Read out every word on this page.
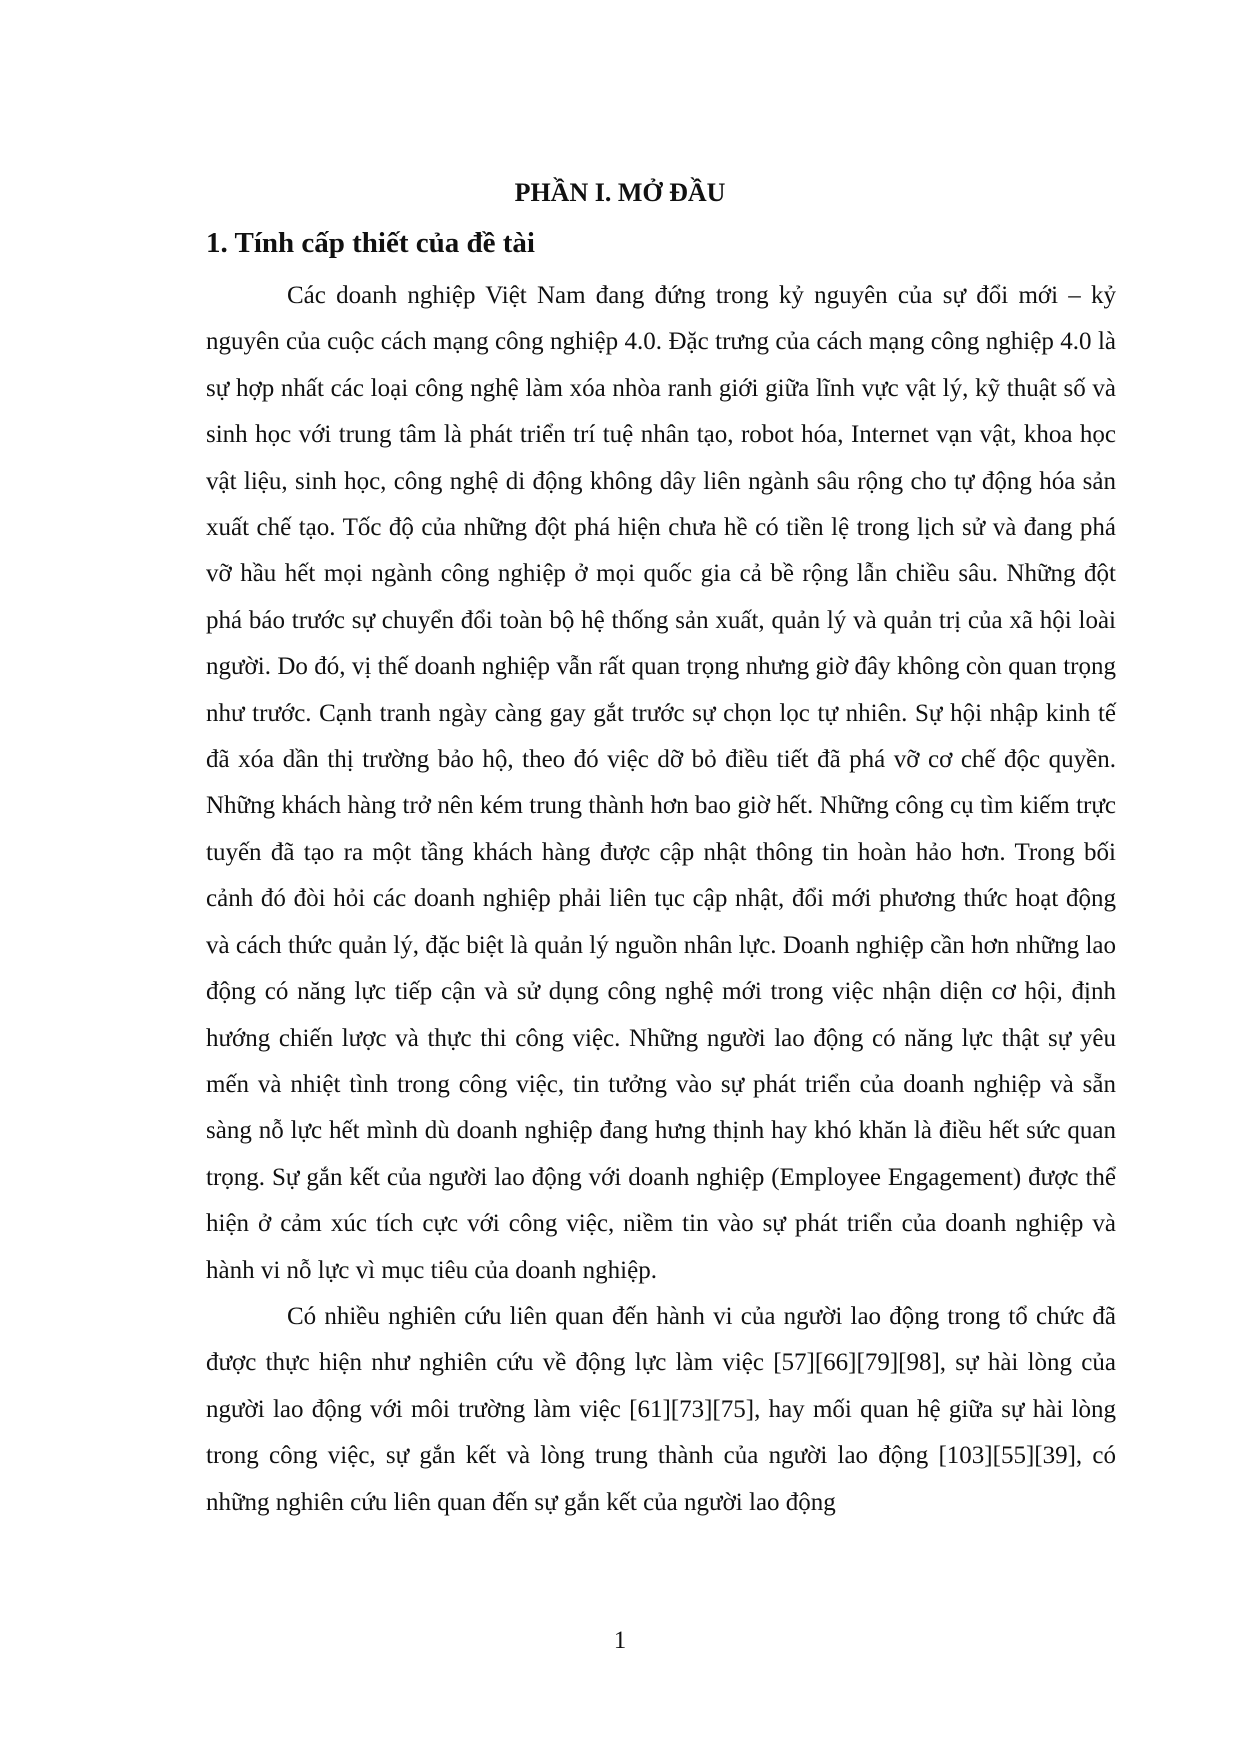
PHẦN I. MỞ ĐẦU
1. Tính cấp thiết của đề tài

Các doanh nghiệp Việt Nam đang đứng trong kỷ nguyên của sự đổi mới – kỷ nguyên của cuộc cách mạng công nghiệp 4.0. Đặc trưng của cách mạng công nghiệp 4.0 là sự hợp nhất các loại công nghệ làm xóa nhòa ranh giới giữa lĩnh vực vật lý, kỹ thuật số và sinh học với trung tâm là phát triển trí tuệ nhân tạo, robot hóa, Internet vạn vật, khoa học vật liệu, sinh học, công nghệ di động không dây liên ngành sâu rộng cho tự động hóa sản xuất chế tạo. Tốc độ của những đột phá hiện chưa hề có tiền lệ trong lịch sử và đang phá vỡ hầu hết mọi ngành công nghiệp ở mọi quốc gia cả bề rộng lẫn chiều sâu. Những đột phá báo trước sự chuyển đổi toàn bộ hệ thống sản xuất, quản lý và quản trị của xã hội loài người. Do đó, vị thế doanh nghiệp vẫn rất quan trọng nhưng giờ đây không còn quan trọng như trước. Cạnh tranh ngày càng gay gắt trước sự chọn lọc tự nhiên. Sự hội nhập kinh tế đã xóa dần thị trường bảo hộ, theo đó việc dỡ bỏ điều tiết đã phá vỡ cơ chế độc quyền. Những khách hàng trở nên kém trung thành hơn bao giờ hết. Những công cụ tìm kiếm trực tuyến đã tạo ra một tầng khách hàng được cập nhật thông tin hoàn hảo hơn. Trong bối cảnh đó đòi hỏi các doanh nghiệp phải liên tục cập nhật, đổi mới phương thức hoạt động và cách thức quản lý, đặc biệt là quản lý nguồn nhân lực. Doanh nghiệp cần hơn những lao động có năng lực tiếp cận và sử dụng công nghệ mới trong việc nhận diện cơ hội, định hướng chiến lược và thực thi công việc. Những người lao động có năng lực thật sự yêu mến và nhiệt tình trong công việc, tin tưởng vào sự phát triển của doanh nghiệp và sẵn sàng nỗ lực hết mình dù doanh nghiệp đang hưng thịnh hay khó khăn là điều hết sức quan trọng. Sự gắn kết của người lao động với doanh nghiệp (Employee Engagement) được thể hiện ở cảm xúc tích cực với công việc, niềm tin vào sự phát triển của doanh nghiệp và hành vi nỗ lực vì mục tiêu của doanh nghiệp.

Có nhiều nghiên cứu liên quan đến hành vi của người lao động trong tổ chức đã được thực hiện như nghiên cứu về động lực làm việc [57][66][79][98], sự hài lòng của người lao động với môi trường làm việc [61][73][75], hay mối quan hệ giữa sự hài lòng trong công việc, sự gắn kết và lòng trung thành của người lao động [103][55][39], có những nghiên cứu liên quan đến sự gắn kết của người lao động

1
